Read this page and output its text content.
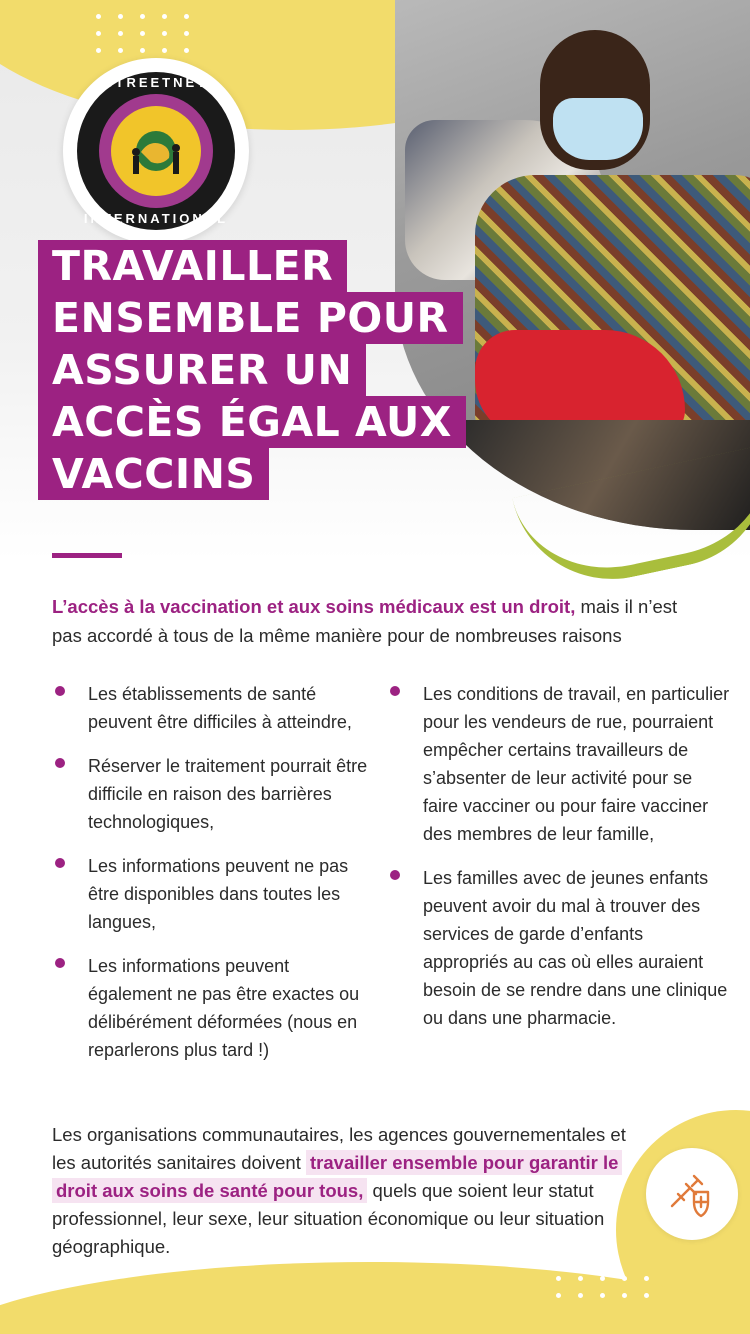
STREETNET
INTERNATIONAL
TRAVAILLER
ENSEMBLE POUR
ASSURER UN
ACCÈS ÉGAL AUX
VACCINS

L’accès à la vaccination et aux soins médicaux est un droit, mais il n’est pas accordé à tous de la même manière pour de nombreuses raisons

Les établissements de santé peuvent être difficiles à atteindre,
Réserver le traitement pourrait être difficile en raison des barrières technologiques,
Les informations peuvent ne pas être disponibles dans toutes les langues,
Les informations peuvent également ne pas être exactes ou délibérément déformées (nous en reparlerons plus tard !)
Les conditions de travail, en particulier pour les vendeurs de rue, pourraient empêcher certains travailleurs de s’absenter de leur activité pour se faire vacciner ou pour faire vacciner des membres de leur famille,
Les familles avec de jeunes enfants peuvent avoir du mal à trouver des services de garde d’enfants appropriés au cas où elles auraient besoin de se rendre dans une clinique ou dans une pharmacie.

Les organisations communautaires, les agences gouvernementales et les autorités sanitaires doivent travailler ensemble pour garantir le droit aux soins de santé pour tous, quels que soient leur statut professionnel, leur sexe, leur situation économique ou leur situation géographique.
